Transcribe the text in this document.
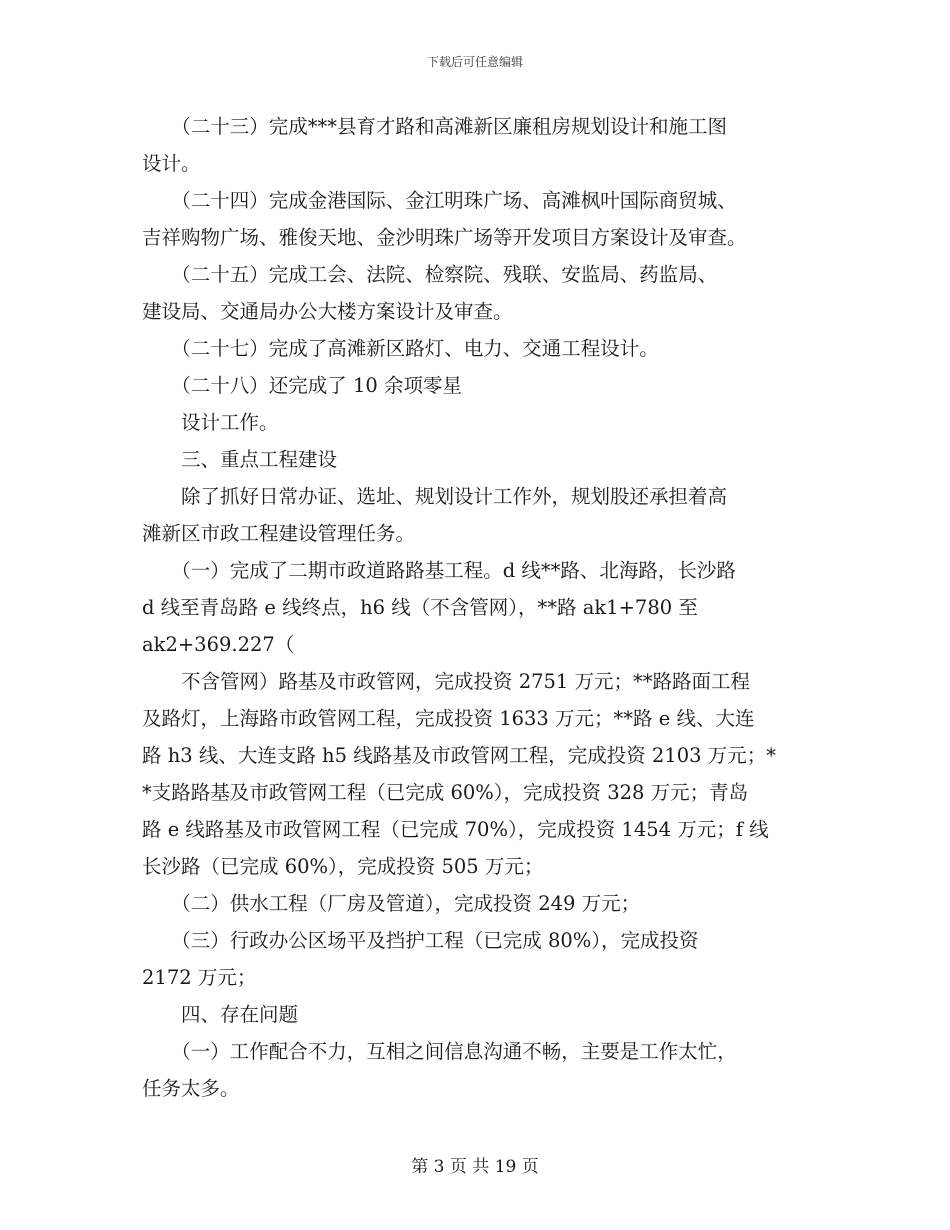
下载后可任意编辑

　　（二十三）完成***县育才路和高滩新区廉租房规划设计和施工图

设计。

　　（二十四）完成金港国际、金江明珠广场、高滩枫叶国际商贸城、

吉祥购物广场、雅俊天地、金沙明珠广场等开发项目方案设计及审查。

　　（二十五）完成工会、法院、检察院、残联、安监局、药监局、

建设局、交通局办公大楼方案设计及审查。

　　（二十七）完成了高滩新区路灯、电力、交通工程设计。

　　（二十八）还完成了 10 余项零星

　　设计工作。

　　三、重点工程建设

　　除了抓好日常办证、选址、规划设计工作外，规划股还承担着高

滩新区市政工程建设管理任务。

　　（一）完成了二期市政道路路基工程。d 线**路、北海路，长沙路

d 线至青岛路 e 线终点，h6 线（不含管网），**路 ak1+780 至

ak2+369.227（

　　不含管网）路基及市政管网，完成投资 2751 万元；**路路面工程

及路灯，上海路市政管网工程，完成投资 1633 万元；**路 e 线、大连

路 h3 线、大连支路 h5 线路基及市政管网工程，完成投资 2103 万元；*

*支路路基及市政管网工程（已完成 60%），完成投资 328 万元；青岛

路 e 线路基及市政管网工程（已完成 70%），完成投资 1454 万元；f 线

长沙路（已完成 60%），完成投资 505 万元；

　　（二）供水工程（厂房及管道），完成投资 249 万元；

　　（三）行政办公区场平及挡护工程（已完成 80%），完成投资

2172 万元；

　　四、存在问题

　　（一）工作配合不力，互相之间信息沟通不畅，主要是工作太忙，

任务太多。

第 3 页 共 19 页
